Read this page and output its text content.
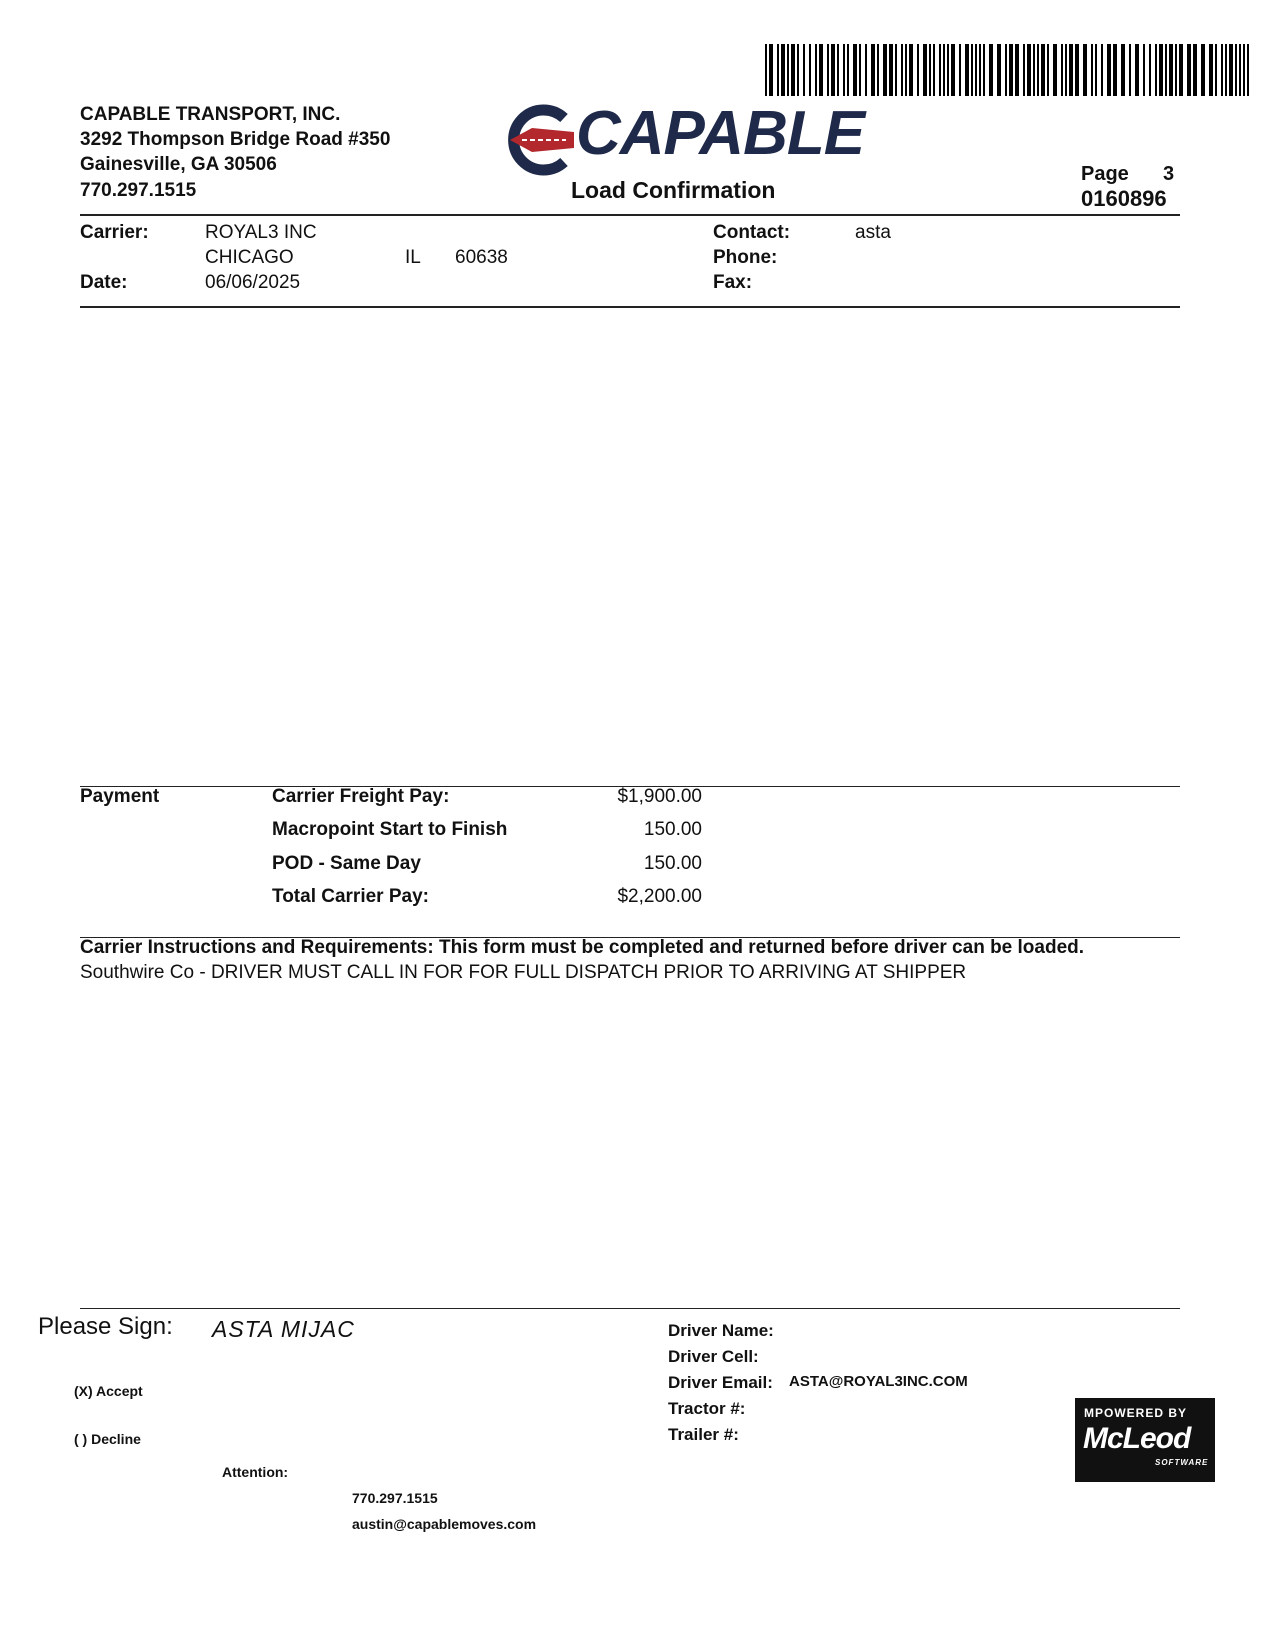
CAPABLE TRANSPORT, INC.
3292 Thompson Bridge Road #350
Gainesville, GA 30506
770.297.1515
CAPABLE
Load Confirmation
Page 3
0160896
Carrier:	ROYAL3 INC
CHICAGO	IL 60638
Date:	06/06/2025
Contact:	asta
Phone:
Fax:
Payment	Carrier Freight Pay:	$1,900.00
Macropoint Start to Finish	150.00
POD - Same Day	150.00
Total Carrier Pay:	$2,200.00
Carrier Instructions and Requirements: This form must be completed and returned before driver can be loaded.
Southwire Co - DRIVER MUST CALL IN FOR FOR FULL DISPATCH PRIOR TO ARRIVING AT SHIPPER
Please Sign: ASTA MIJAC
(X) Accept
( ) Decline
Attention:
770.297.1515
austin@capablemoves.com
Driver Name:
Driver Cell:
Driver Email: ASTA@ROYAL3INC.COM
Tractor #:
Trailer #:
MPOWERED BY
McLeod
SOFTWARE
